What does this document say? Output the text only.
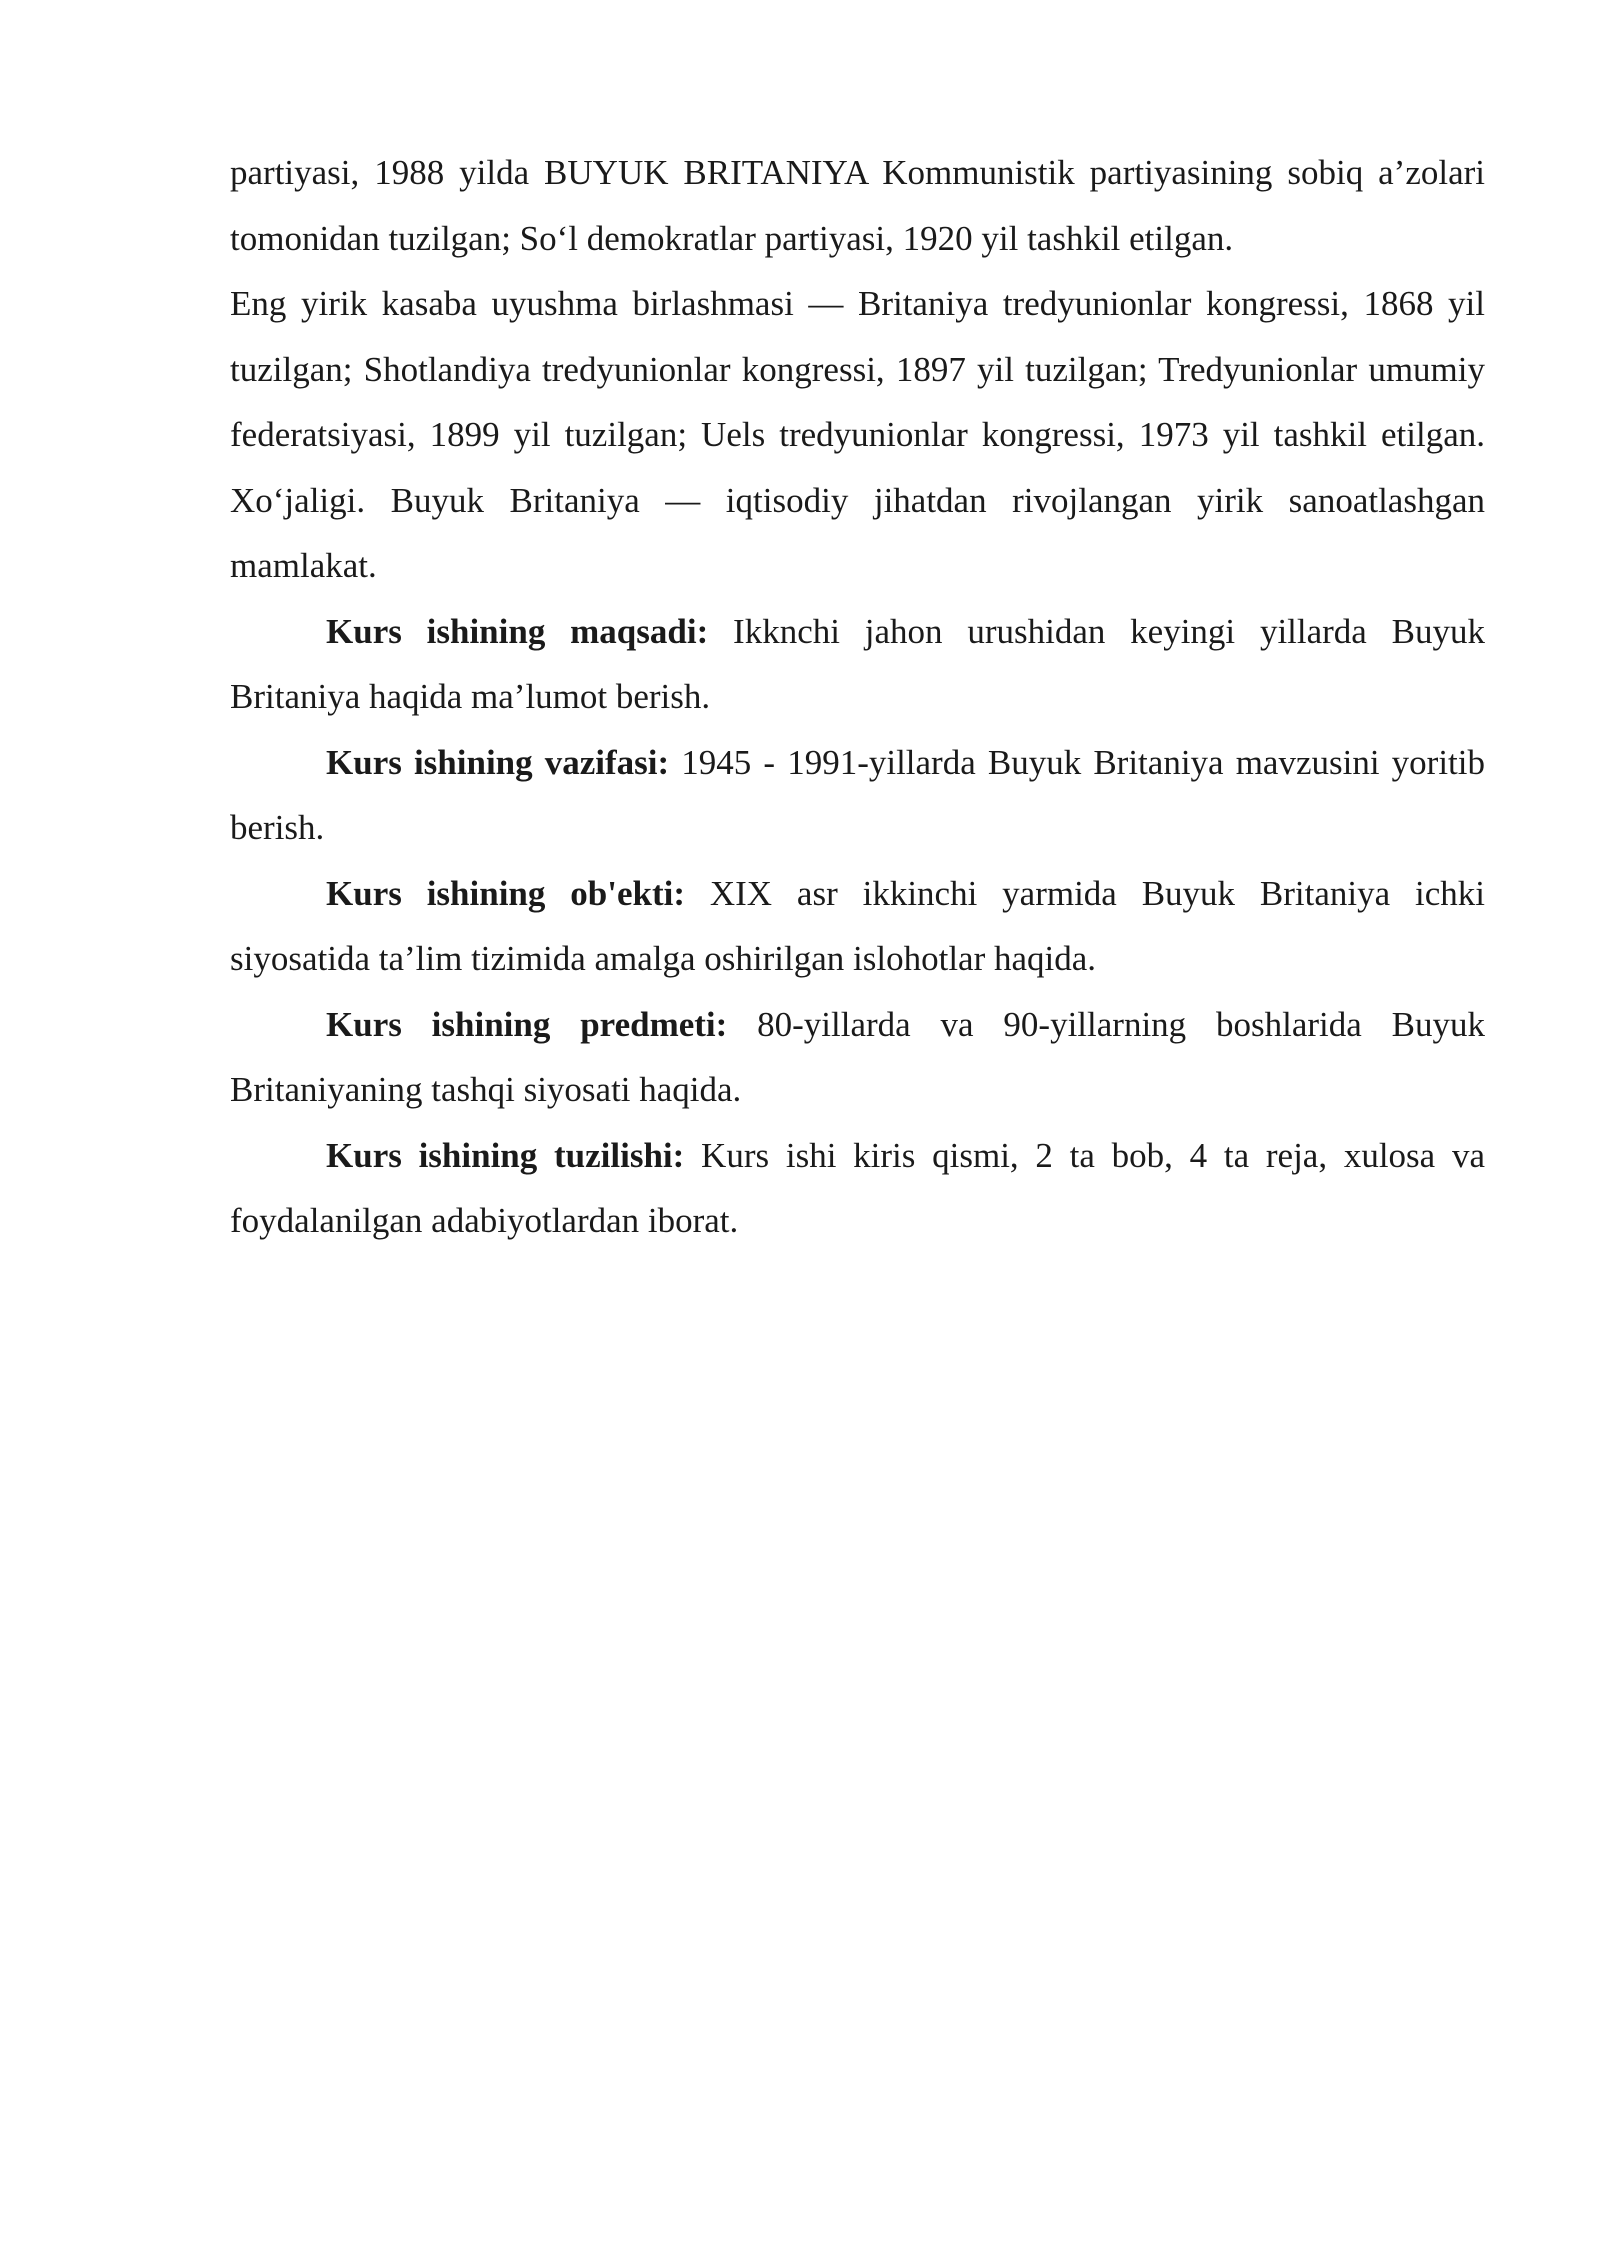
partiyasi, 1988 yilda BUYUK BRITANIYA Kommunistik partiyasining sobiq a’zolari tomonidan tuzilgan; So‘l demokratlar partiyasi, 1920 yil tashkil etilgan.

Eng yirik kasaba uyushma birlashmasi — Britaniya tredyunionlar kongressi, 1868 yil tuzilgan; Shotlandiya tredyunionlar kongressi, 1897 yil tuzilgan; Tredyunionlar umumiy federatsiyasi, 1899 yil tuzilgan; Uels tredyunionlar kongressi, 1973 yil tashkil etilgan. Xo‘jaligi. Buyuk Britaniya — iqtisodiy jihatdan rivojlangan yirik sanoatlashgan mamlakat.

Kurs ishining maqsadi: Ikknchi jahon urushidan keyingi yillarda Buyuk Britaniya haqida ma’lumot berish.

Kurs ishining vazifasi: 1945 - 1991-yillarda Buyuk Britaniya mavzusini yoritib berish.

Kurs ishining ob'ekti: XIX asr ikkinchi yarmida Buyuk Britaniya ichki siyosatida ta’lim tizimida amalga oshirilgan islohotlar haqida.

Kurs ishining predmeti: 80-yillarda va 90-yillarning boshlarida Buyuk Britaniyaning tashqi siyosati haqida.

Kurs ishining tuzilishi: Kurs ishi kiris qismi, 2 ta bob, 4 ta reja, xulosa va foydalanilgan adabiyotlardan iborat.
